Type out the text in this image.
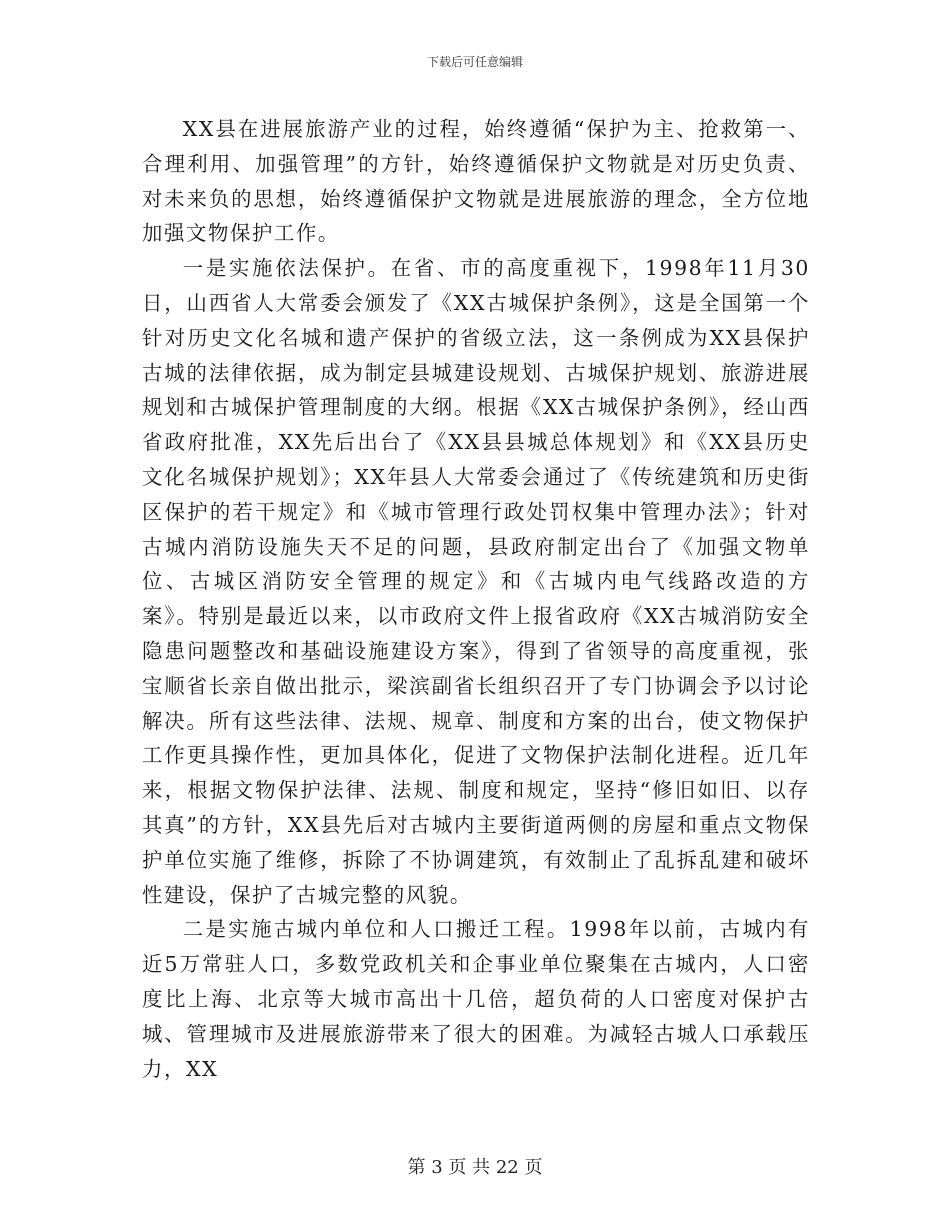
下载后可任意编辑

XX县在进展旅游产业的过程，始终遵循“保护为主、抢救第一、合理利用、加强管理”的方针，始终遵循保护文物就是对历史负责、对未来负的思想，始终遵循保护文物就是进展旅游的理念，全方位地加强文物保护工作。

一是实施依法保护。在省、市的高度重视下，1998年11月30日，山西省人大常委会颁发了《XX古城保护条例》，这是全国第一个针对历史文化名城和遗产保护的省级立法，这一条例成为XX县保护古城的法律依据，成为制定县城建设规划、古城保护规划、旅游进展规划和古城保护管理制度的大纲。根据《XX古城保护条例》，经山西省政府批准，XX先后出台了《XX县县城总体规划》和《XX县历史文化名城保护规划》；XX年县人大常委会通过了《传统建筑和历史街区保护的若干规定》和《城市管理行政处罚权集中管理办法》；针对古城内消防设施失天不足的问题，县政府制定出台了《加强文物单位、古城区消防安全管理的规定》和《古城内电气线路改造的方案》。特别是最近以来，以市政府文件上报省政府《XX古城消防安全隐患问题整改和基础设施建设方案》，得到了省领导的高度重视，张宝顺省长亲自做出批示，梁滨副省长组织召开了专门协调会予以讨论解决。所有这些法律、法规、规章、制度和方案的出台，使文物保护工作更具操作性，更加具体化，促进了文物保护法制化进程。近几年来，根据文物保护法律、法规、制度和规定，坚持“修旧如旧、以存其真”的方针，XX县先后对古城内主要街道两侧的房屋和重点文物保护单位实施了维修，拆除了不协调建筑，有效制止了乱拆乱建和破坏性建设，保护了古城完整的风貌。

二是实施古城内单位和人口搬迁工程。1998年以前，古城内有近5万常驻人口，多数党政机关和企事业单位聚集在古城内，人口密度比上海、北京等大城市高出十几倍，超负荷的人口密度对保护古城、管理城市及进展旅游带来了很大的困难。为减轻古城人口承载压力，XX

第 3 页 共 22 页
